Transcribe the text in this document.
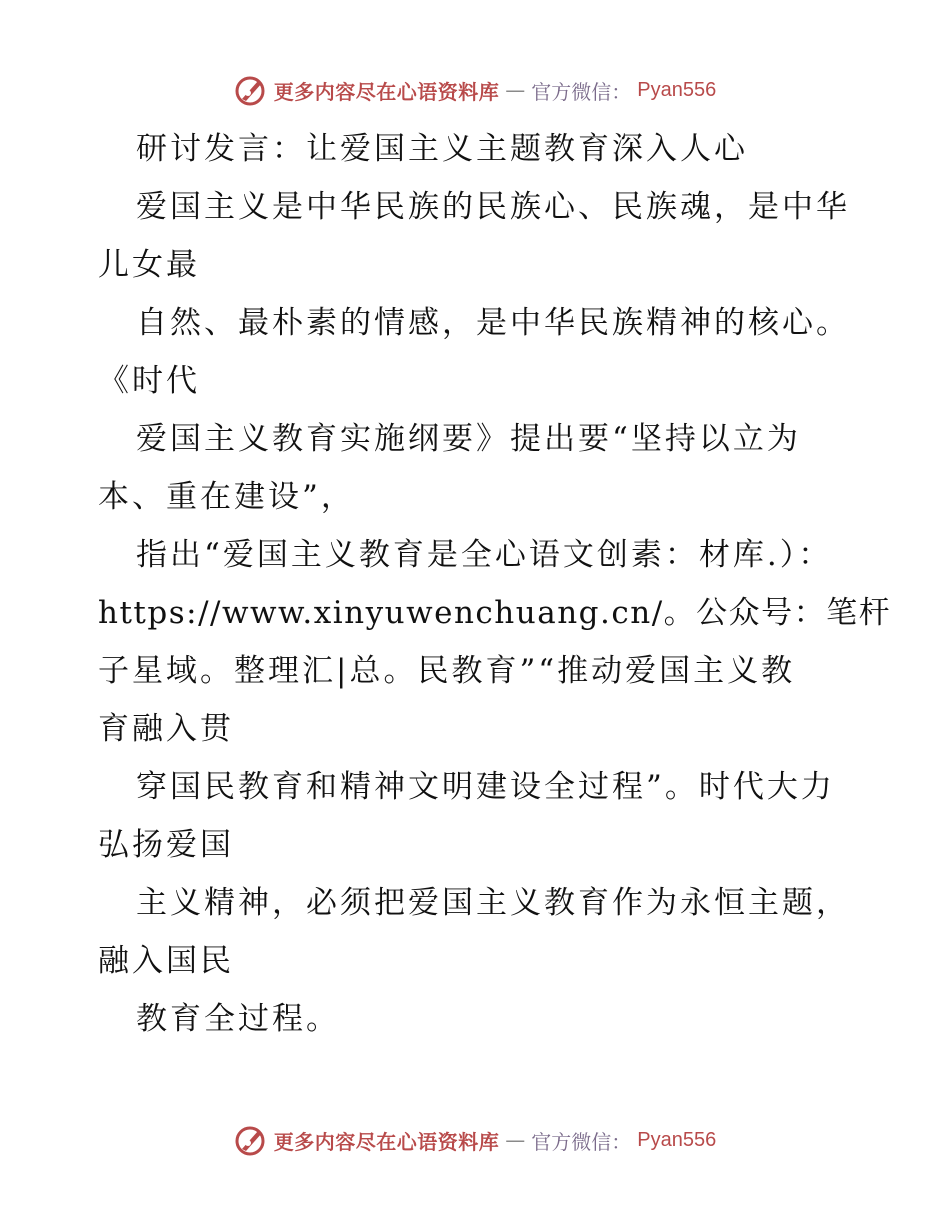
更多内容尽在心语资料库 — 官方微信： Pyan556
研讨发言：让爱国主义主题教育深入人心
爱国主义是中华民族的民族心、民族魂，是中华
儿女最
自然、最朴素的情感，是中华民族精神的核心。
《时代
爱国主义教育实施纲要》提出要“坚持以立为
本、重在建设”，
指出“爱国主义教育是全心语文创素：材库.）：
https://www.xinyuwenchuang.cn/。公众号：笔杆
子星域。整理汇|总。民教育”“推动爱国主义教
育融入贯
穿国民教育和精神文明建设全过程”。时代大力
弘扬爱国
主义精神，必须把爱国主义教育作为永恒主题，
融入国民
教育全过程。
更多内容尽在心语资料库 — 官方微信： Pyan556
